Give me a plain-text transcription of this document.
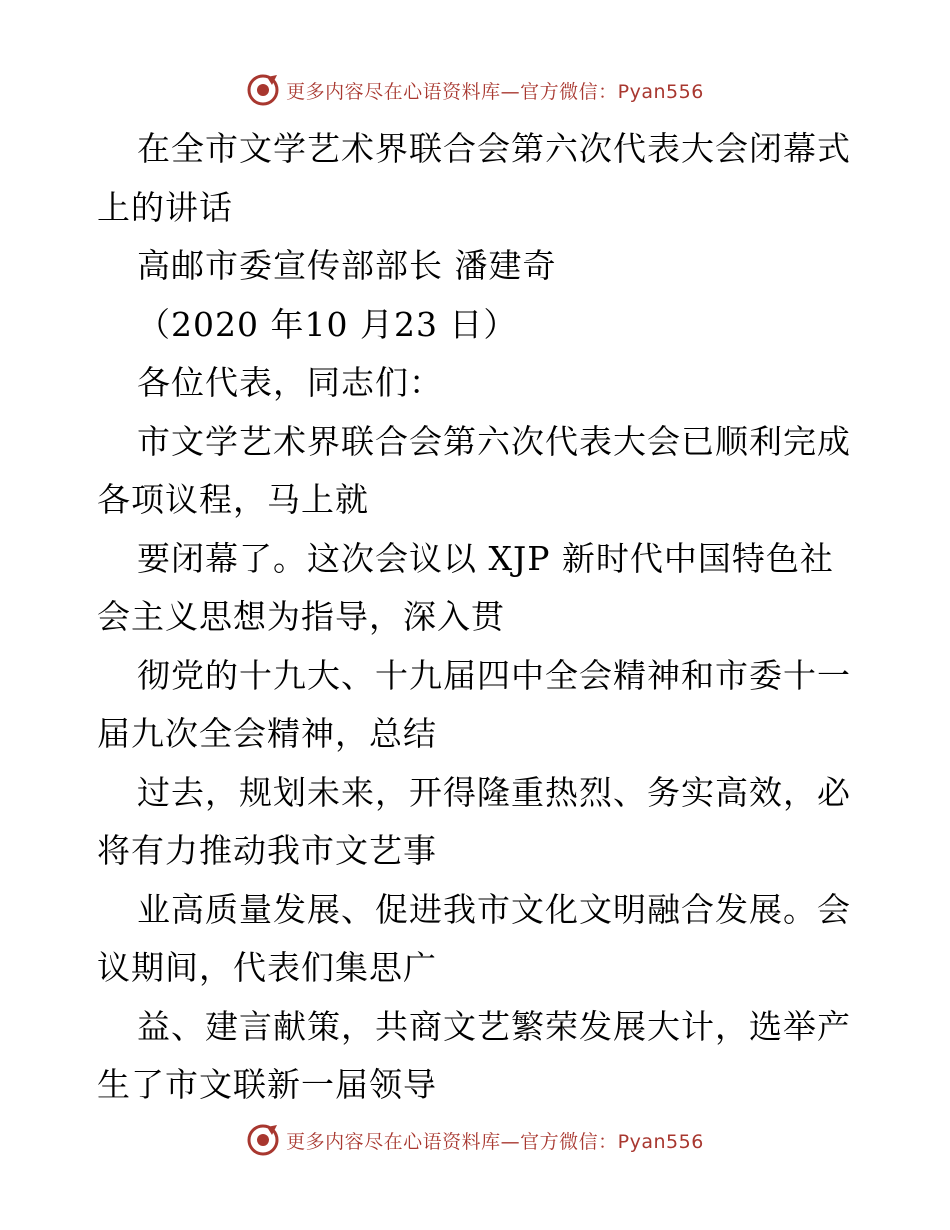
更多内容尽在心语资料库—官方微信：Pyan556
在全市文学艺术界联合会第六次代表大会闭幕式
上的讲话
高邮市委宣传部部长 潘建奇
（2020 年10 月23 日）
各位代表，同志们：
市文学艺术界联合会第六次代表大会已顺利完成
各项议程，马上就
要闭幕了。这次会议以 XJP 新时代中国特色社
会主义思想为指导，深入贯
彻党的十九大、十九届四中全会精神和市委十一
届九次全会精神，总结
过去，规划未来，开得隆重热烈、务实高效，必
将有力推动我市文艺事
业高质量发展、促进我市文化文明融合发展。会
议期间，代表们集思广
益、建言献策，共商文艺繁荣发展大计，选举产
生了市文联新一届领导
更多内容尽在心语资料库—官方微信：Pyan556
